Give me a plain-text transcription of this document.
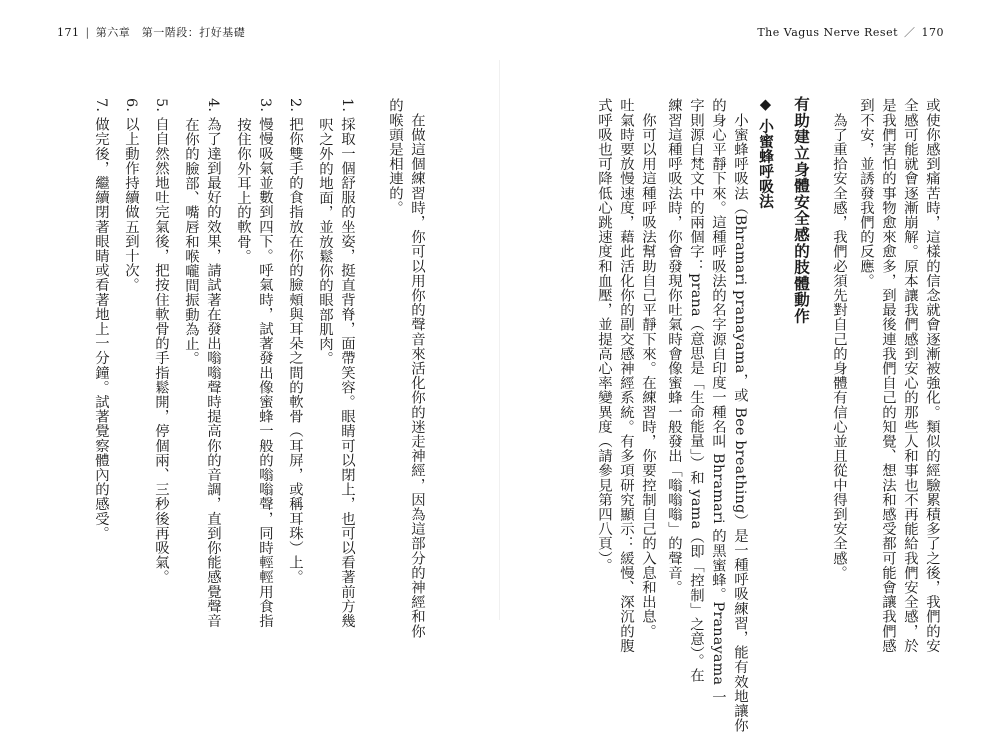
171 | 第六章　第一階段：打好基礎	The Vagus Nerve Reset ／ 170
或使你感到痛苦時，這樣的信念就會逐漸被強化。類似的經驗累積多了之後，我們的安
全感可能就會逐漸崩解。原本讓我們感到安心的那些人和事也不再能給我們安全感，於
是我們害怕的事物愈來愈多，到最後連我們自己的知覺、想法和感受都可能會讓我們感
到不安，並誘發我們的反應。
　為了重拾安全感，我們必須先對自己的身體有信心並且從中得到安全感。
有助建立身體安全感的肢體動作
◆ 小蜜蜂呼吸法
　小蜜蜂呼吸法（Bhramari pranayama，或 Bee breathing）是一種呼吸練習，能有效地讓你
的身心平靜下來。這種呼吸法的名字源自印度一種名叫 Bhramari 的黑蜜蜂。Pranayama 一
字則源自梵文中的兩個字：prana（意思是「生命能量」）和 yama（即「控制」之意）。在
練習這種呼吸法時，你會發現你吐氣時會像蜜蜂一般發出「嗡嗡嗡」的聲音。
　你可以用這種呼吸法幫助自己平靜下來。在練習時，你要控制自己的入息和出息。
吐氣時要放慢速度，藉此活化你的副交感神經系統。有多項研究顯示：緩慢、深沉的腹
式呼吸也可降低心跳速度和血壓，並提高心率變異度（請參見第四八頁）。
　在做這個練習時，你可以用你的聲音來活化你的迷走神經，因為這部分的神經和你
的喉頭是相連的。
1. 採取一個舒服的坐姿，挺直背脊，面帶笑容。眼睛可以閉上，也可以看著前方幾
　 呎之外的地面，並放鬆你的眼部肌肉。
2. 把你雙手的食指放在你的臉頰與耳朵之間的軟骨（耳屏，或稱耳珠）上。
3. 慢慢吸氣並數到四下。呼氣時，試著發出像蜜蜂一般的嗡嗡聲，同時輕輕用食指
　 按住你外耳上的軟骨。
4. 為了達到最好的效果，請試著在發出嗡嗡聲時提高你的音調，直到你能感覺聲音
　 在你的臉部、嘴唇和喉嚨間振動為止。
5. 自自然然地吐完氣後，把按住軟骨的手指鬆開，停個兩、三秒後再吸氣。
6. 以上動作持續做五到十次。
7. 做完後，繼續閉著眼睛或看著地上一分鐘。試著覺察體內的感受。
